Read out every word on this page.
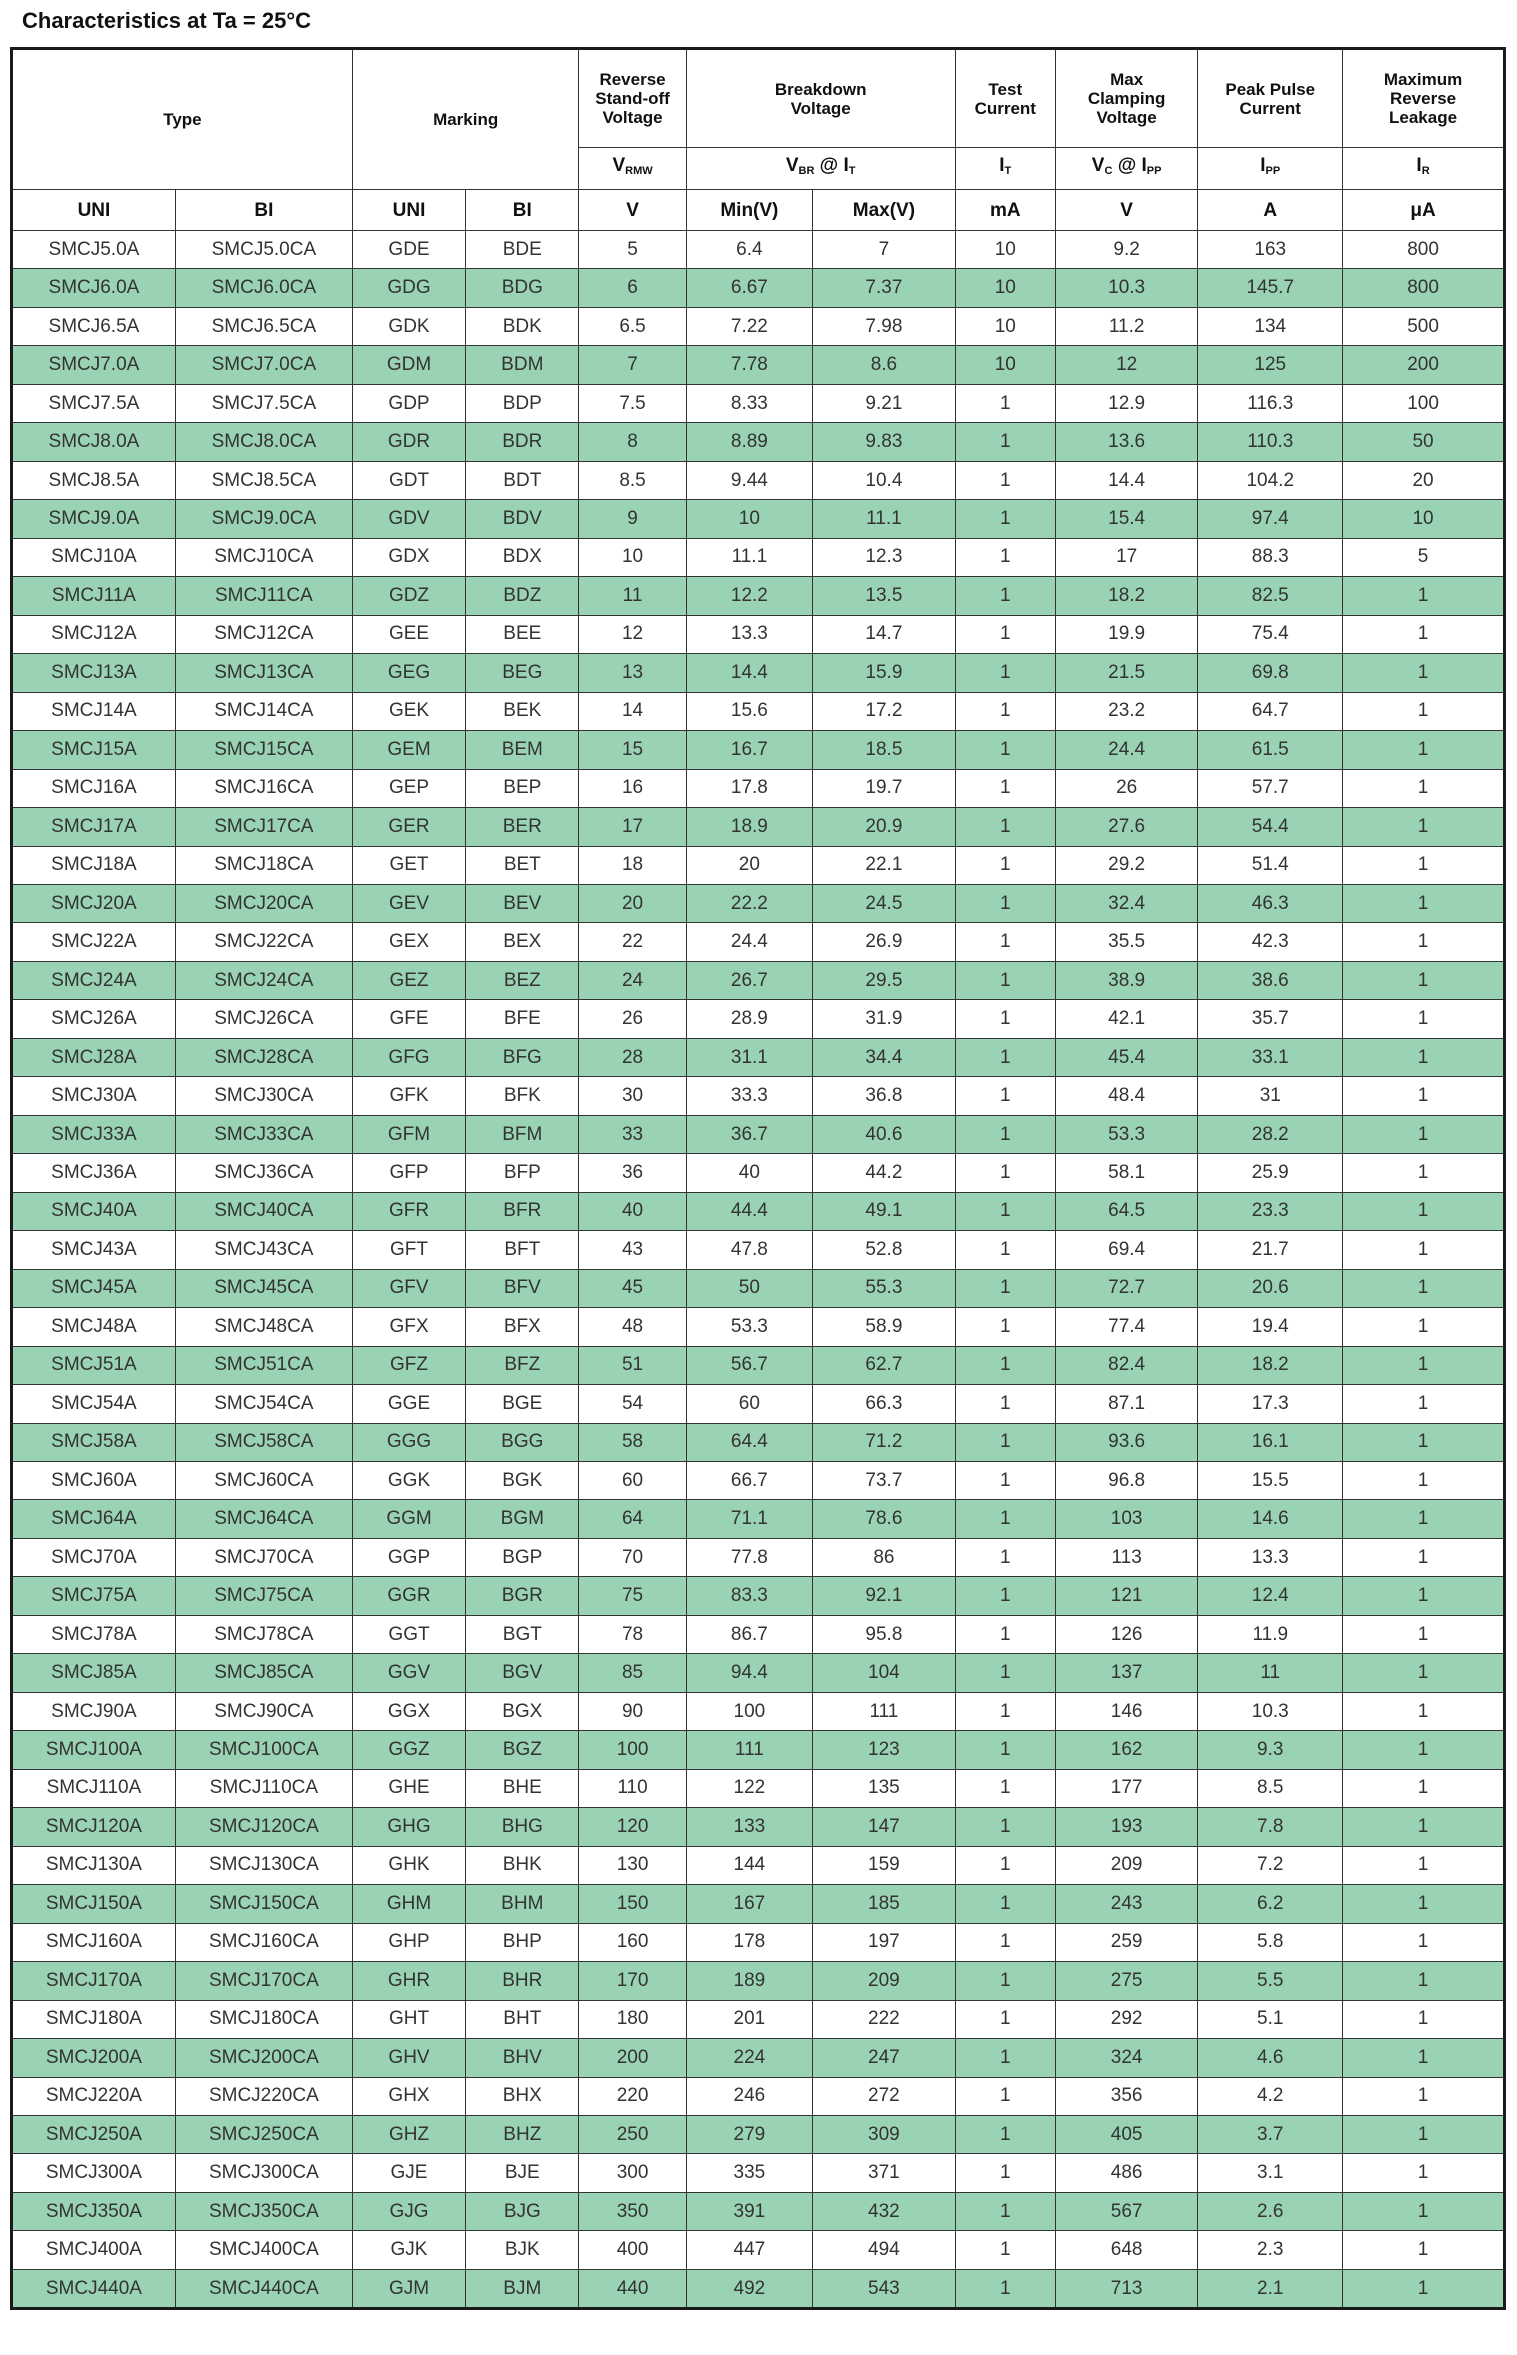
Characteristics at Ta = 25°C
Type		Marking		Reverse Stand-off Voltage	Breakdown Voltage		Test Current	Max Clamping Voltage	Peak Pulse Current	Maximum Reverse Leakage
				$V_{RMW}$	$V_{BR}$ @ $I_T$		$I_T$	$V_C$ @ $I_{PP}$	$I_{PP}$	$I_R$
UNI	BI	UNI	BI	V	Min(V)	Max(V)	mA	V	A	μA
SMCJ5.0A	SMCJ5.0CA	GDE	BDE	5	6.4	7	10	9.2	163	800
SMCJ6.0A	SMCJ6.0CA	GDG	BDG	6	6.67	7.37	10	10.3	145.7	800
SMCJ6.5A	SMCJ6.5CA	GDK	BDK	6.5	7.22	7.98	10	11.2	134	500
SMCJ7.0A	SMCJ7.0CA	GDM	BDM	7	7.78	8.6	10	12	125	200
SMCJ7.5A	SMCJ7.5CA	GDP	BDP	7.5	8.33	9.21	1	12.9	116.3	100
SMCJ8.0A	SMCJ8.0CA	GDR	BDR	8	8.89	9.83	1	13.6	110.3	50
SMCJ8.5A	SMCJ8.5CA	GDT	BDT	8.5	9.44	10.4	1	14.4	104.2	20
SMCJ9.0A	SMCJ9.0CA	GDV	BDV	9	10	11.1	1	15.4	97.4	10
SMCJ10A	SMCJ10CA	GDX	BDX	10	11.1	12.3	1	17	88.3	5
SMCJ11A	SMCJ11CA	GDZ	BDZ	11	12.2	13.5	1	18.2	82.5	1
SMCJ12A	SMCJ12CA	GEE	BEE	12	13.3	14.7	1	19.9	75.4	1
SMCJ13A	SMCJ13CA	GEG	BEG	13	14.4	15.9	1	21.5	69.8	1
SMCJ14A	SMCJ14CA	GEK	BEK	14	15.6	17.2	1	23.2	64.7	1
SMCJ15A	SMCJ15CA	GEM	BEM	15	16.7	18.5	1	24.4	61.5	1
SMCJ16A	SMCJ16CA	GEP	BEP	16	17.8	19.7	1	26	57.7	1
SMCJ17A	SMCJ17CA	GER	BER	17	18.9	20.9	1	27.6	54.4	1
SMCJ18A	SMCJ18CA	GET	BET	18	20	22.1	1	29.2	51.4	1
SMCJ20A	SMCJ20CA	GEV	BEV	20	22.2	24.5	1	32.4	46.3	1
SMCJ22A	SMCJ22CA	GEX	BEX	22	24.4	26.9	1	35.5	42.3	1
SMCJ24A	SMCJ24CA	GEZ	BEZ	24	26.7	29.5	1	38.9	38.6	1
SMCJ26A	SMCJ26CA	GFE	BFE	26	28.9	31.9	1	42.1	35.7	1
SMCJ28A	SMCJ28CA	GFG	BFG	28	31.1	34.4	1	45.4	33.1	1
SMCJ30A	SMCJ30CA	GFK	BFK	30	33.3	36.8	1	48.4	31	1
SMCJ33A	SMCJ33CA	GFM	BFM	33	36.7	40.6	1	53.3	28.2	1
SMCJ36A	SMCJ36CA	GFP	BFP	36	40	44.2	1	58.1	25.9	1
SMCJ40A	SMCJ40CA	GFR	BFR	40	44.4	49.1	1	64.5	23.3	1
SMCJ43A	SMCJ43CA	GFT	BFT	43	47.8	52.8	1	69.4	21.7	1
SMCJ45A	SMCJ45CA	GFV	BFV	45	50	55.3	1	72.7	20.6	1
SMCJ48A	SMCJ48CA	GFX	BFX	48	53.3	58.9	1	77.4	19.4	1
SMCJ51A	SMCJ51CA	GFZ	BFZ	51	56.7	62.7	1	82.4	18.2	1
SMCJ54A	SMCJ54CA	GGE	BGE	54	60	66.3	1	87.1	17.3	1
SMCJ58A	SMCJ58CA	GGG	BGG	58	64.4	71.2	1	93.6	16.1	1
SMCJ60A	SMCJ60CA	GGK	BGK	60	66.7	73.7	1	96.8	15.5	1
SMCJ64A	SMCJ64CA	GGM	BGM	64	71.1	78.6	1	103	14.6	1
SMCJ70A	SMCJ70CA	GGP	BGP	70	77.8	86	1	113	13.3	1
SMCJ75A	SMCJ75CA	GGR	BGR	75	83.3	92.1	1	121	12.4	1
SMCJ78A	SMCJ78CA	GGT	BGT	78	86.7	95.8	1	126	11.9	1
SMCJ85A	SMCJ85CA	GGV	BGV	85	94.4	104	1	137	11	1
SMCJ90A	SMCJ90CA	GGX	BGX	90	100	111	1	146	10.3	1
SMCJ100A	SMCJ100CA	GGZ	BGZ	100	111	123	1	162	9.3	1
SMCJ110A	SMCJ110CA	GHE	BHE	110	122	135	1	177	8.5	1
SMCJ120A	SMCJ120CA	GHG	BHG	120	133	147	1	193	7.8	1
SMCJ130A	SMCJ130CA	GHK	BHK	130	144	159	1	209	7.2	1
SMCJ150A	SMCJ150CA	GHM	BHM	150	167	185	1	243	6.2	1
SMCJ160A	SMCJ160CA	GHP	BHP	160	178	197	1	259	5.8	1
SMCJ170A	SMCJ170CA	GHR	BHR	170	189	209	1	275	5.5	1
SMCJ180A	SMCJ180CA	GHT	BHT	180	201	222	1	292	5.1	1
SMCJ200A	SMCJ200CA	GHV	BHV	200	224	247	1	324	4.6	1
SMCJ220A	SMCJ220CA	GHX	BHX	220	246	272	1	356	4.2	1
SMCJ250A	SMCJ250CA	GHZ	BHZ	250	279	309	1	405	3.7	1
SMCJ300A	SMCJ300CA	GJE	BJE	300	335	371	1	486	3.1	1
SMCJ350A	SMCJ350CA	GJG	BJG	350	391	432	1	567	2.6	1
SMCJ400A	SMCJ400CA	GJK	BJK	400	447	494	1	648	2.3	1
SMCJ440A	SMCJ440CA	GJM	BJM	440	492	543	1	713	2.1	1
